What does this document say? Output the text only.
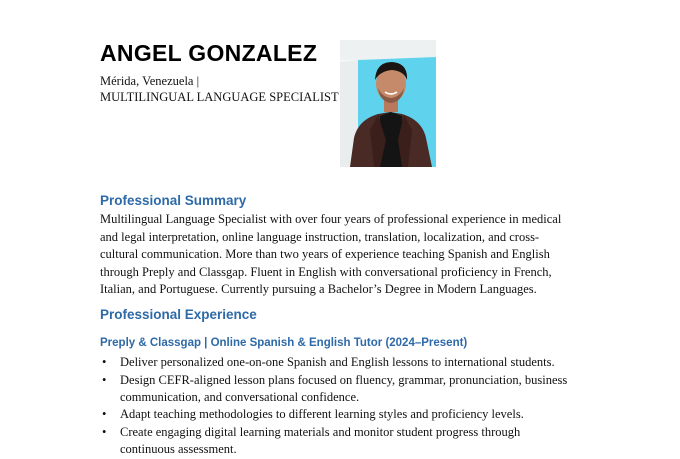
ANGEL GONZALEZ
Mérida, Venezuela |
MULTILINGUAL LANGUAGE SPECIALIST
Professional Summary
Multilingual Language Specialist with over four years of professional experience in medical
and legal interpretation, online language instruction, translation, localization, and cross-
cultural communication. More than two years of experience teaching Spanish and English
through Preply and Classgap. Fluent in English with conversational proficiency in French,
Italian, and Portuguese. Currently pursuing a Bachelor’s Degree in Modern Languages.
Professional Experience
Preply & Classgap | Online Spanish & English Tutor (2024–Present)
• Deliver personalized one-on-one Spanish and English lessons to international students.
• Design CEFR-aligned lesson plans focused on fluency, grammar, pronunciation, business
communication, and conversational confidence.
• Adapt teaching methodologies to different learning styles and proficiency levels.
• Create engaging digital learning materials and monitor student progress through
continuous assessment.
